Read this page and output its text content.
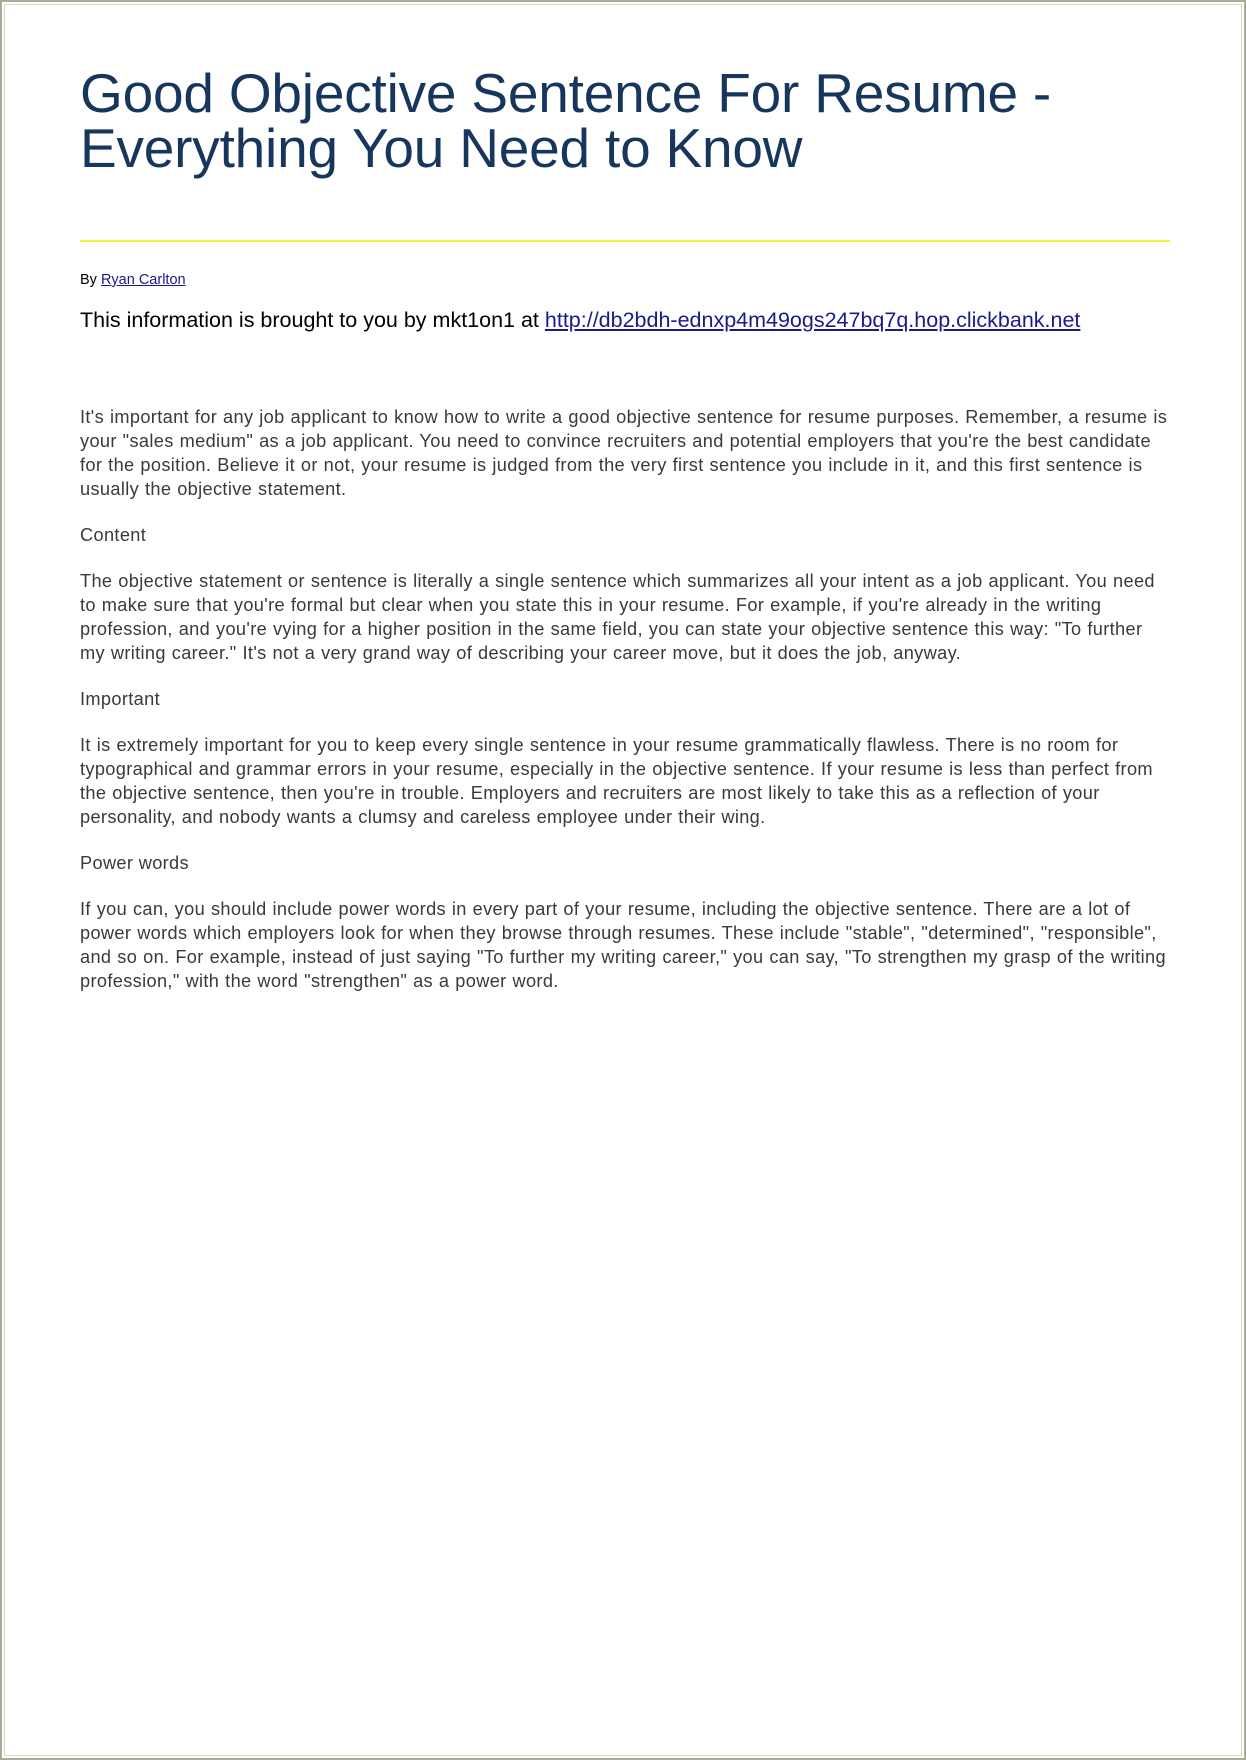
Good Objective Sentence For Resume -
Everything You Need to Know
By Ryan Carlton
This information is brought to you by mkt1on1 at http://db2bdh-ednxp4m49ogs247bq7q.hop.clickbank.net

It's important for any job applicant to know how to write a good objective sentence for resume purposes. Remember, a resume is your "sales medium" as a job applicant. You need to convince recruiters and potential employers that you're the best candidate for the position. Believe it or not, your resume is judged from the very first sentence you include in it, and this first sentence is usually the objective statement.

Content

The objective statement or sentence is literally a single sentence which summarizes all your intent as a job applicant. You need to make sure that you're formal but clear when you state this in your resume. For example, if you're already in the writing profession, and you're vying for a higher position in the same field, you can state your objective sentence this way: "To further my writing career." It's not a very grand way of describing your career move, but it does the job, anyway.

Important

It is extremely important for you to keep every single sentence in your resume grammatically flawless. There is no room for typographical and grammar errors in your resume, especially in the objective sentence. If your resume is less than perfect from the objective sentence, then you're in trouble. Employers and recruiters are most likely to take this as a reflection of your personality, and nobody wants a clumsy and careless employee under their wing.

Power words

If you can, you should include power words in every part of your resume, including the objective sentence. There are a lot of power words which employers look for when they browse through resumes. These include "stable", "determined", "responsible", and so on. For example, instead of just saying "To further my writing career," you can say, "To strengthen my grasp of the writing profession," with the word "strengthen" as a power word.
